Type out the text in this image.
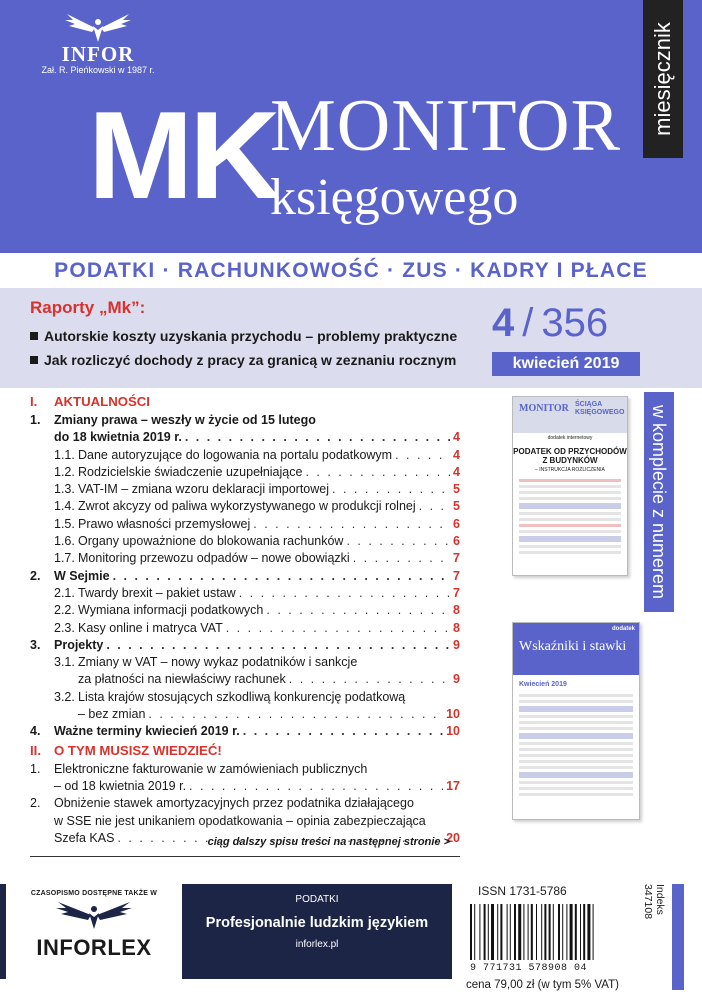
INFOR
Zał. R. Pieńkowski w 1987 r.
MK
MONITOR
księgowego
miesięcznik
PODATKI · RACHUNKOWOŚĆ · ZUS · KADRY I PŁACE
Raporty „Mk”:
Autorskie koszty uzyskania przychodu – problemy praktyczne
Jak rozliczyć dochody z pracy za granicą w zeznaniu rocznym
4 / 356
kwiecień 2019
I. AKTUALNOŚCI
1. Zmiany prawa – weszły w życie od 15 lutego
do 18 kwietnia 2019 r. . . .	4
1.1. Dane autoryzujące do logowania na portalu podatkowym . . .	4
1.2. Rodzicielskie świadczenie uzupełniające . . .	4
1.3. VAT-IM – zmiana wzoru deklaracji importowej . . .	5
1.4. Zwrot akcyzy od paliwa wykorzystywanego w produkcji rolnej . . .	5
1.5. Prawo własności przemysłowej . . .	6
1.6. Organy upoważnione do blokowania rachunków . . .	6
1.7. Monitoring przewozu odpadów – nowe obowiązki . . .	7
2.	W Sejmie . . .	7
2.1. Twardy brexit – pakiet ustaw . . .	7
2.2. Wymiana informacji podatkowych . . .	8
2.3. Kasy online i matryca VAT . . .	8
3.	Projekty . . .	9
3.1. Zmiany w VAT – nowy wykaz podatników i sankcje
za płatności na niewłaściwy rachunek . . .	9
3.2. Lista krajów stosujących szkodliwą konkurencję podatkową
– bez zmian . . .	10
4.	Ważne terminy kwiecień 2019 r. . . .	10
II. O TYM MUSISZ WIEDZIEĆ!
1. Elektroniczne fakturowanie w zamówieniach publicznych
– od 18 kwietnia 2019 r. . . .	17
2. Obniżenie stawek amortyzacyjnych przez podatnika działającego
w SSE nie jest unikaniem opodatkowania – opinia zabezpieczająca
Szefa KAS . . .	20
ciąg dalszy spisu treści na następnej stronie >
MONITOR ŚCIĄGA KSIĘGOWEGO
dodatek internetowy
PODATEK OD PRZYCHODÓW Z BUDYNKÓW
– INSTRUKCJA ROZLICZENIA
dodatek
Wskaźniki i stawki
Kwiecień 2019
w komplecie z numerem
CZASOPISMO DOSTĘPNE TAKŻE W
INFORLEX
PODATKI
Profesjonalnie ludzkim językiem
inforlex.pl
ISSN 1731-5786
9 771731 578908 04
cena 79,00 zł (w tym 5% VAT)
Indeks
347108
